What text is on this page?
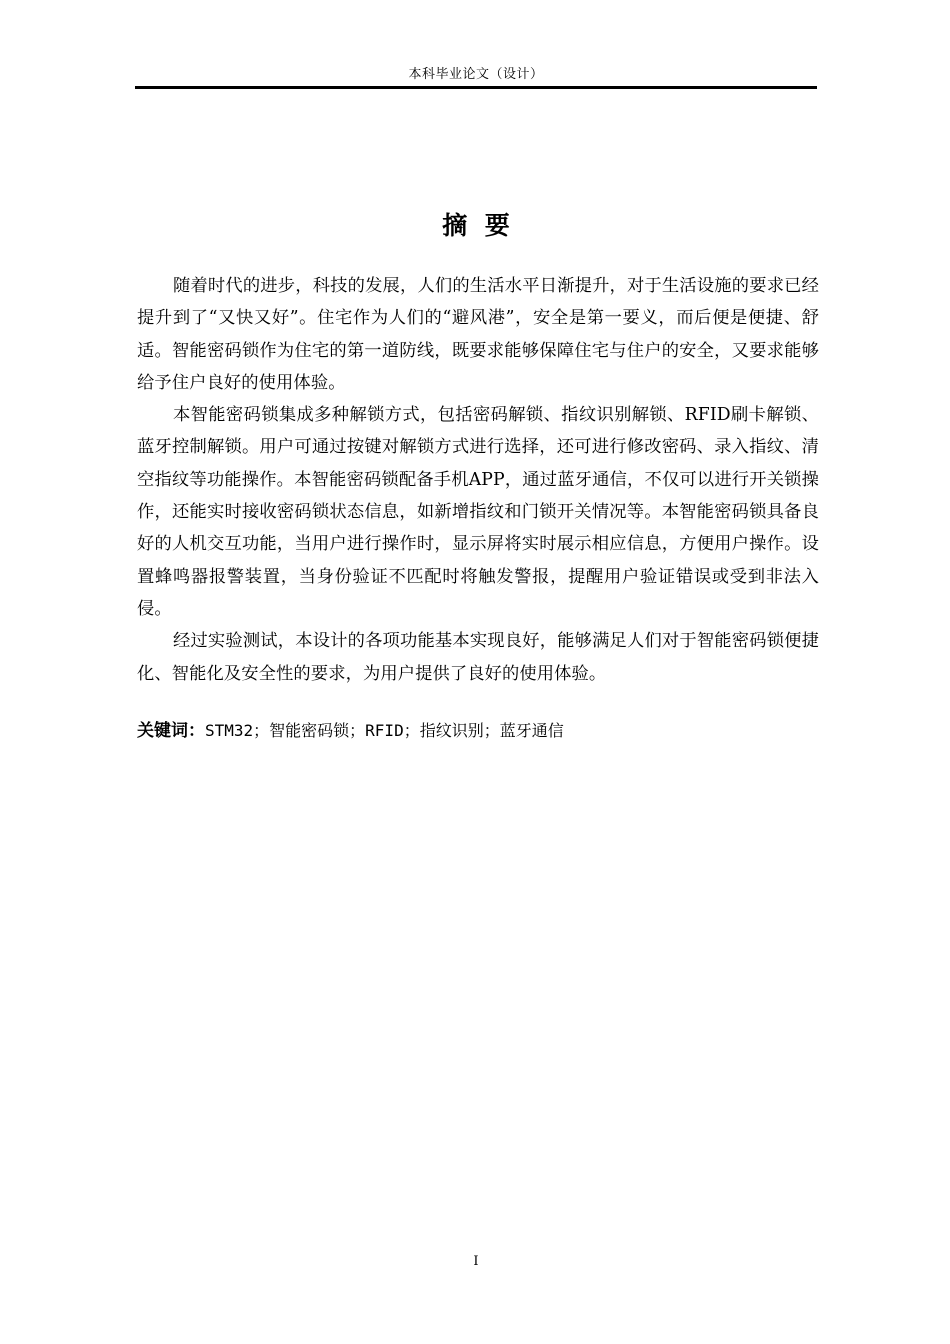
本科毕业论文（设计）
摘  要

随着时代的进步，科技的发展，人们的生活水平日渐提升，对于生活设施的要求已经提升到了“又快又好”。住宅作为人们的“避风港”，安全是第一要义，而后便是便捷、舒适。智能密码锁作为住宅的第一道防线，既要求能够保障住宅与住户的安全，又要求能够给予住户良好的使用体验。

本智能密码锁集成多种解锁方式，包括密码解锁、指纹识别解锁、RFID刷卡解锁、蓝牙控制解锁。用户可通过按键对解锁方式进行选择，还可进行修改密码、录入指纹、清空指纹等功能操作。本智能密码锁配备手机APP，通过蓝牙通信，不仅可以进行开关锁操作，还能实时接收密码锁状态信息，如新增指纹和门锁开关情况等。本智能密码锁具备良好的人机交互功能，当用户进行操作时，显示屏将实时展示相应信息，方便用户操作。设置蜂鸣器报警装置，当身份验证不匹配时将触发警报，提醒用户验证错误或受到非法入侵。

经过实验测试，本设计的各项功能基本实现良好，能够满足人们对于智能密码锁便捷化、智能化及安全性的要求，为用户提供了良好的使用体验。

关键词：STM32；智能密码锁；RFID；指纹识别；蓝牙通信
I
